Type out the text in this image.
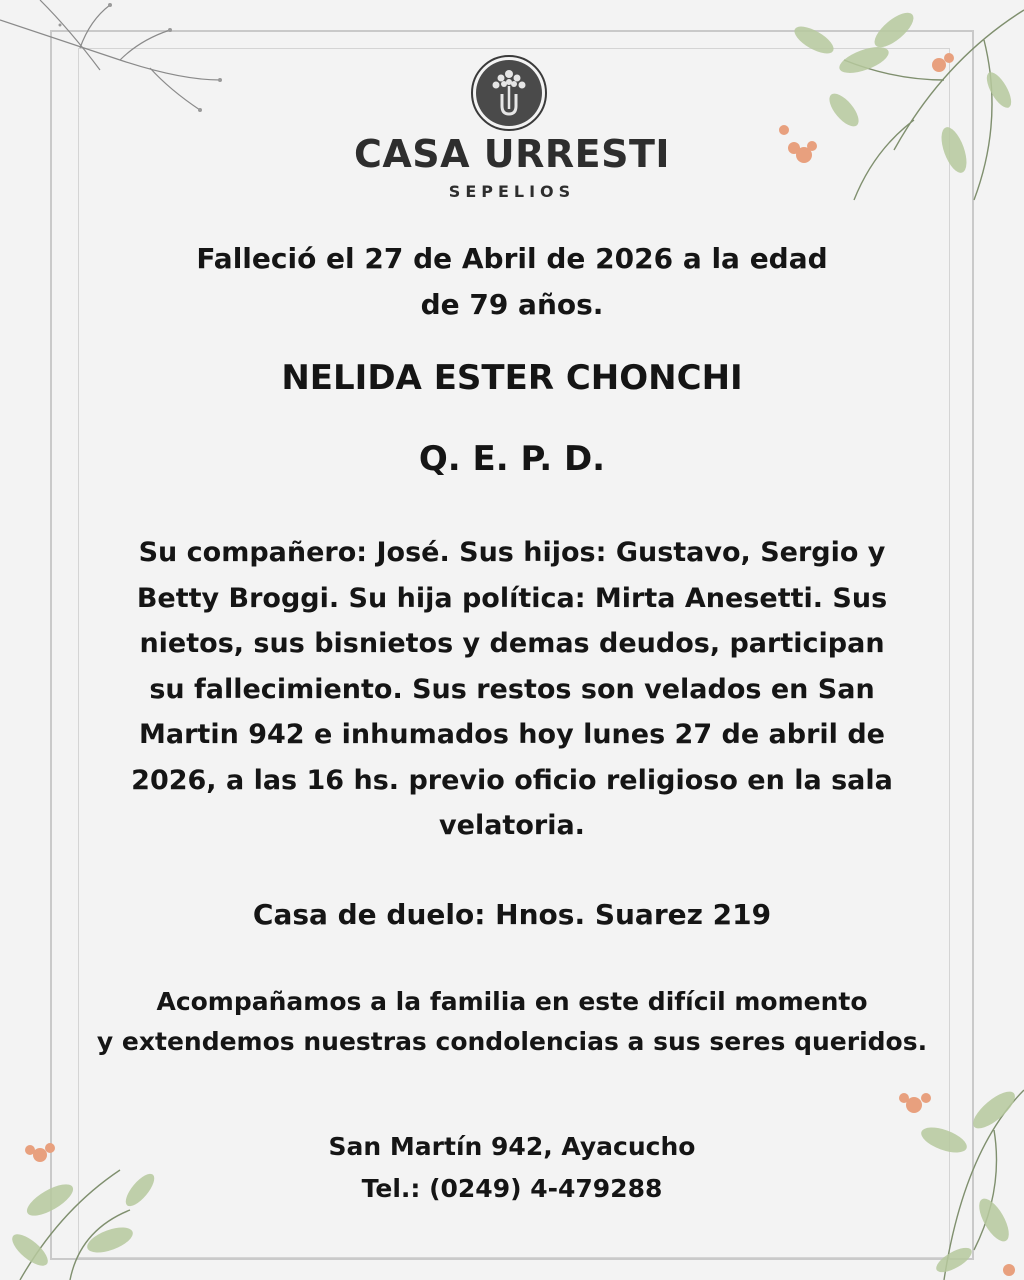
CASA URRESTI
SEPELIOS

Falleció el 27 de Abril de 2026 a la edad
de 79 años.

NELIDA ESTER CHONCHI

Q. E. P. D.

Su compañero: José. Sus hijos: Gustavo, Sergio y
Betty Broggi. Su hija política: Mirta Anesetti. Sus
nietos, sus bisnietos y demas deudos, participan
su fallecimiento. Sus restos son velados en San
Martin 942 e inhumados hoy lunes 27 de abril de
2026, a las 16 hs. previo oficio religioso en la sala
velatoria.

Casa de duelo: Hnos. Suarez 219

Acompañamos a la familia en este difícil momento
y extendemos nuestras condolencias a sus seres queridos.

San Martín 942, Ayacucho
Tel.: (0249) 4-479288
